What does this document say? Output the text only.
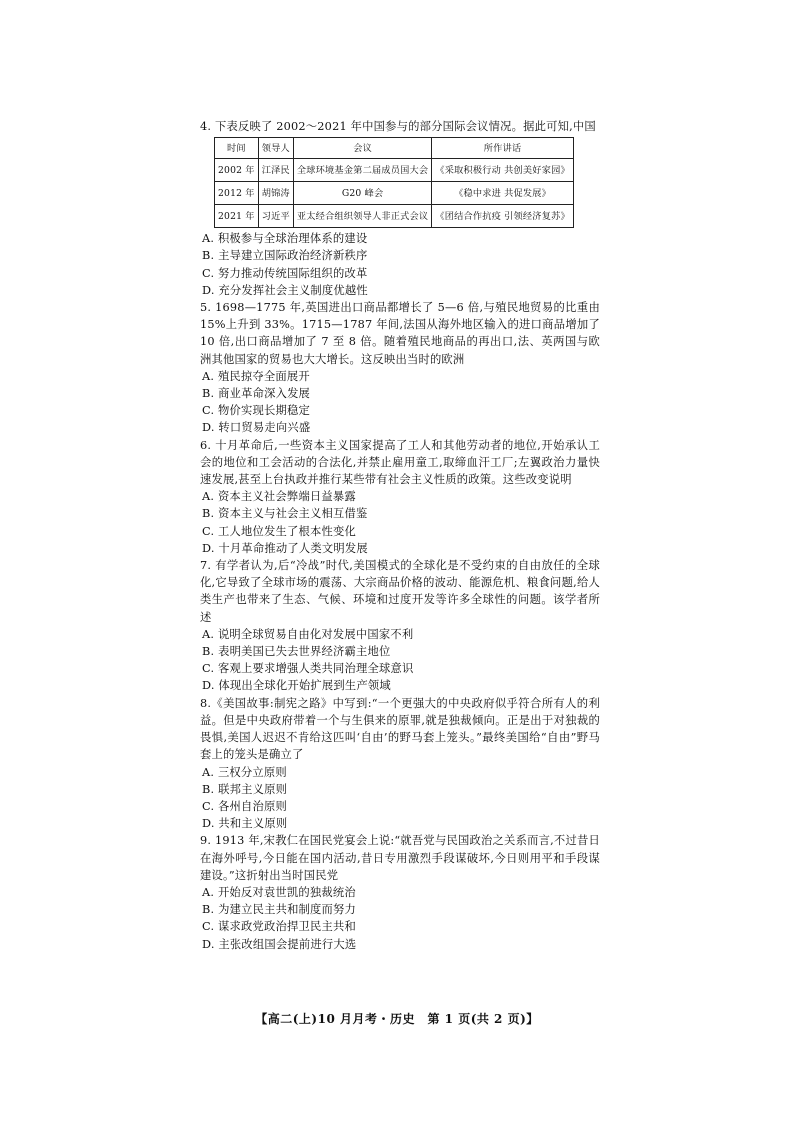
4. 下表反映了 2002～2021 年中国参与的部分国际会议情况。据此可知,中国
时间	领导人	会议	所作讲话
2002 年	江泽民	全球环境基金第二届成员国大会	《采取积极行动 共创美好家园》
2012 年	胡锦涛	G20 峰会	《稳中求进 共促发展》
2021 年	习近平	亚太经合组织领导人非正式会议	《团结合作抗疫 引领经济复苏》
A. 积极参与全球治理体系的建设
B. 主导建立国际政治经济新秩序
C. 努力推动传统国际组织的改革
D. 充分发挥社会主义制度优越性
5. 1698—1775 年,英国进出口商品都增长了 5—6 倍,与殖民地贸易的比重由 15%上升到 33%。1715—1787 年间,法国从海外地区输入的进口商品增加了 10 倍,出口商品增加了 7 至 8 倍。随着殖民地商品的再出口,法、英两国与欧洲其他国家的贸易也大大增长。这反映出当时的欧洲
A. 殖民掠夺全面展开
B. 商业革命深入发展
C. 物价实现长期稳定
D. 转口贸易走向兴盛
6. 十月革命后,一些资本主义国家提高了工人和其他劳动者的地位,开始承认工会的地位和工会活动的合法化,并禁止雇用童工,取缔血汗工厂;左翼政治力量快速发展,甚至上台执政并推行某些带有社会主义性质的政策。这些改变说明
A. 资本主义社会弊端日益暴露
B. 资本主义与社会主义相互借鉴
C. 工人地位发生了根本性变化
D. 十月革命推动了人类文明发展
7. 有学者认为,后“冷战”时代,美国模式的全球化是不受约束的自由放任的全球化,它导致了全球市场的震荡、大宗商品价格的波动、能源危机、粮食问题,给人类生产也带来了生态、气候、环境和过度开发等许多全球性的问题。该学者所述
A. 说明全球贸易自由化对发展中国家不利
B. 表明美国已失去世界经济霸主地位
C. 客观上要求增强人类共同治理全球意识
D. 体现出全球化开始扩展到生产领域
8.《美国故事:制宪之路》中写到:“一个更强大的中央政府似乎符合所有人的利益。但是中央政府带着一个与生俱来的原罪,就是独裁倾向。正是出于对独裁的畏惧,美国人迟迟不肯给这匹叫‘自由’的野马套上笼头。”最终美国给“自由”野马套上的笼头是确立了
A. 三权分立原则
B. 联邦主义原则
C. 各州自治原则
D. 共和主义原则
9. 1913 年,宋教仁在国民党宴会上说:“就吾党与民国政治之关系而言,不过昔日在海外呼号,今日能在国内活动,昔日专用激烈手段谋破坏,今日则用平和手段谋建设。”这折射出当时国民党
A. 开始反对袁世凯的独裁统治
B. 为建立民主共和制度而努力
C. 谋求政党政治捍卫民主共和
D. 主张改组国会提前进行大选
【高二(上)10 月月考・历史　第 1 页(共 2 页)】
